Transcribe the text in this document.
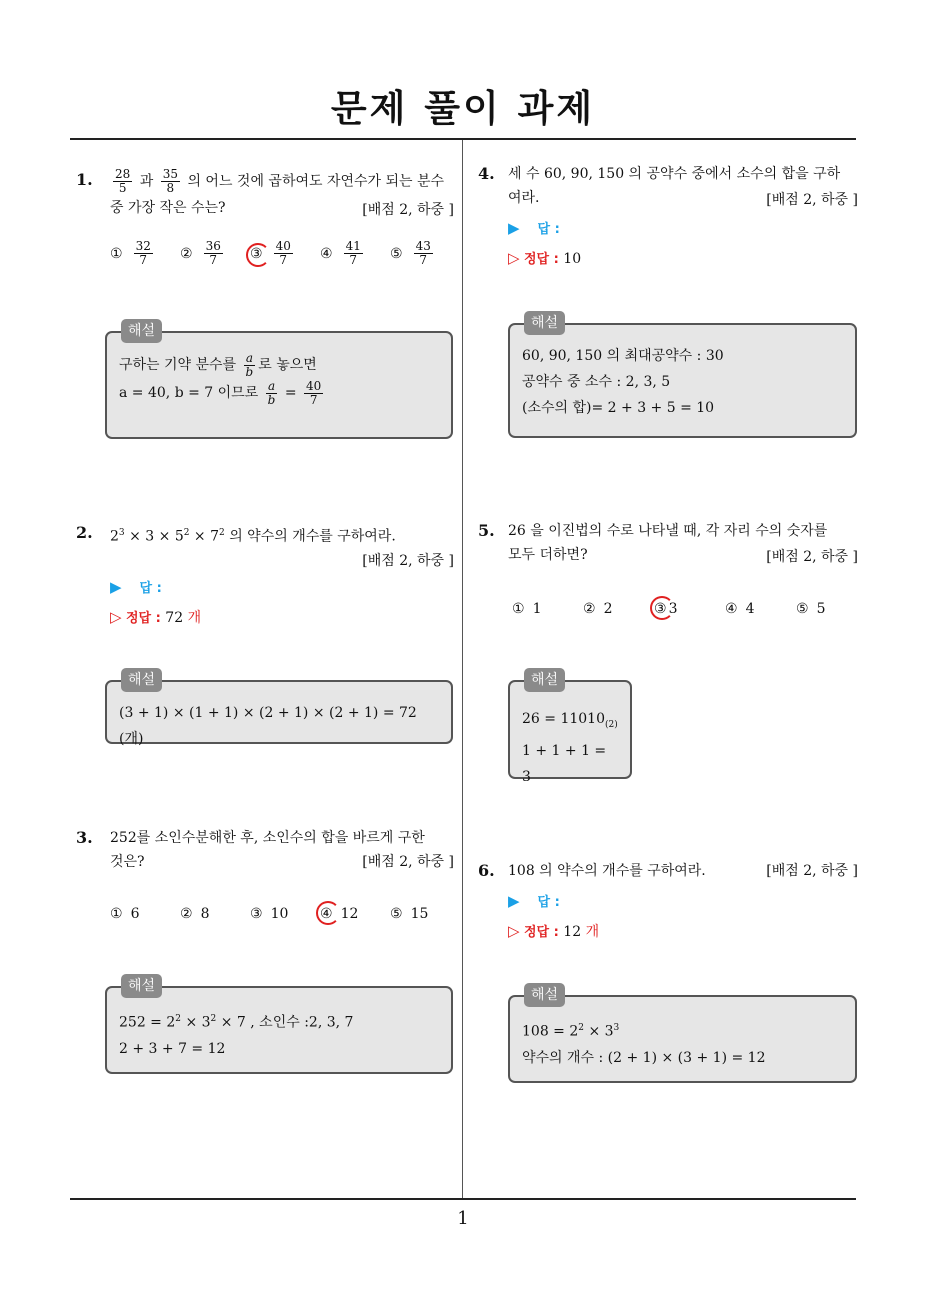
문제 풀이 과제
1. $\frac{28}{5}$ 과 $\frac{35}{8}$ 의 어느 것에 곱하여도 자연수가 되는 분수
중 가장 작은 수는?	[배점 2, 하중 ]
① $\frac{32}{7}$ ② $\frac{36}{7}$ ③ $\frac{40}{7}$ ④ $\frac{41}{7}$ ⑤ $\frac{43}{7}$
해설
구하는 기약 분수를 $\frac{a}{b}$ 로 놓으면
a = 40, b = 7 이므로 $\frac{a}{b} = \frac{40}{7}$
2. $2^3 \times 3 \times 5^2 \times 7^2$ 의 약수의 개수를 구하여라.
[배점 2, 하중 ]
▶ 답 :
▷ 정답 : 72 개
해설
(3 + 1) × (1 + 1) × (2 + 1) × (2 + 1) = 72 (개)
3. 252를 소인수분해한 후, 소인수의 합을 바르게 구한
것은?	[배점 2, 하중 ]
① 6	② 8	③ 10 ④ 12 ⑤ 15
해설
$252 = 2^2 \times 3^2 \times 7$ , 소인수 :2, 3, 7
2 + 3 + 7 = 12
4. 세 수 60, 90, 150 의 공약수 중에서 소수의 합을 구하
여라.	[배점 2, 하중 ]
▶ 답 :
▷ 정답 : 10
해설
60, 90, 150 의 최대공약수 : 30
공약수 중 소수 : 2, 3, 5
(소수의 합)= 2 + 3 + 5 = 10
5. 26 을 이진법의 수로 나타낼 때, 각 자리 수의 숫자를
모두 더하면?	[배점 2, 하중 ]
① 1	② 2	③ 3	④ 4	⑤ 5
해설
$26 = 11010_{(2)}$
1 + 1 + 1 = 3
6. 108 의 약수의 개수를 구하여라.	[배점 2, 하중 ]
▶ 답 :
▷ 정답 : 12 개
해설
$108 = 2^2 \times 3^3$
약수의 개수 : (2 + 1) × (3 + 1) = 12
1
